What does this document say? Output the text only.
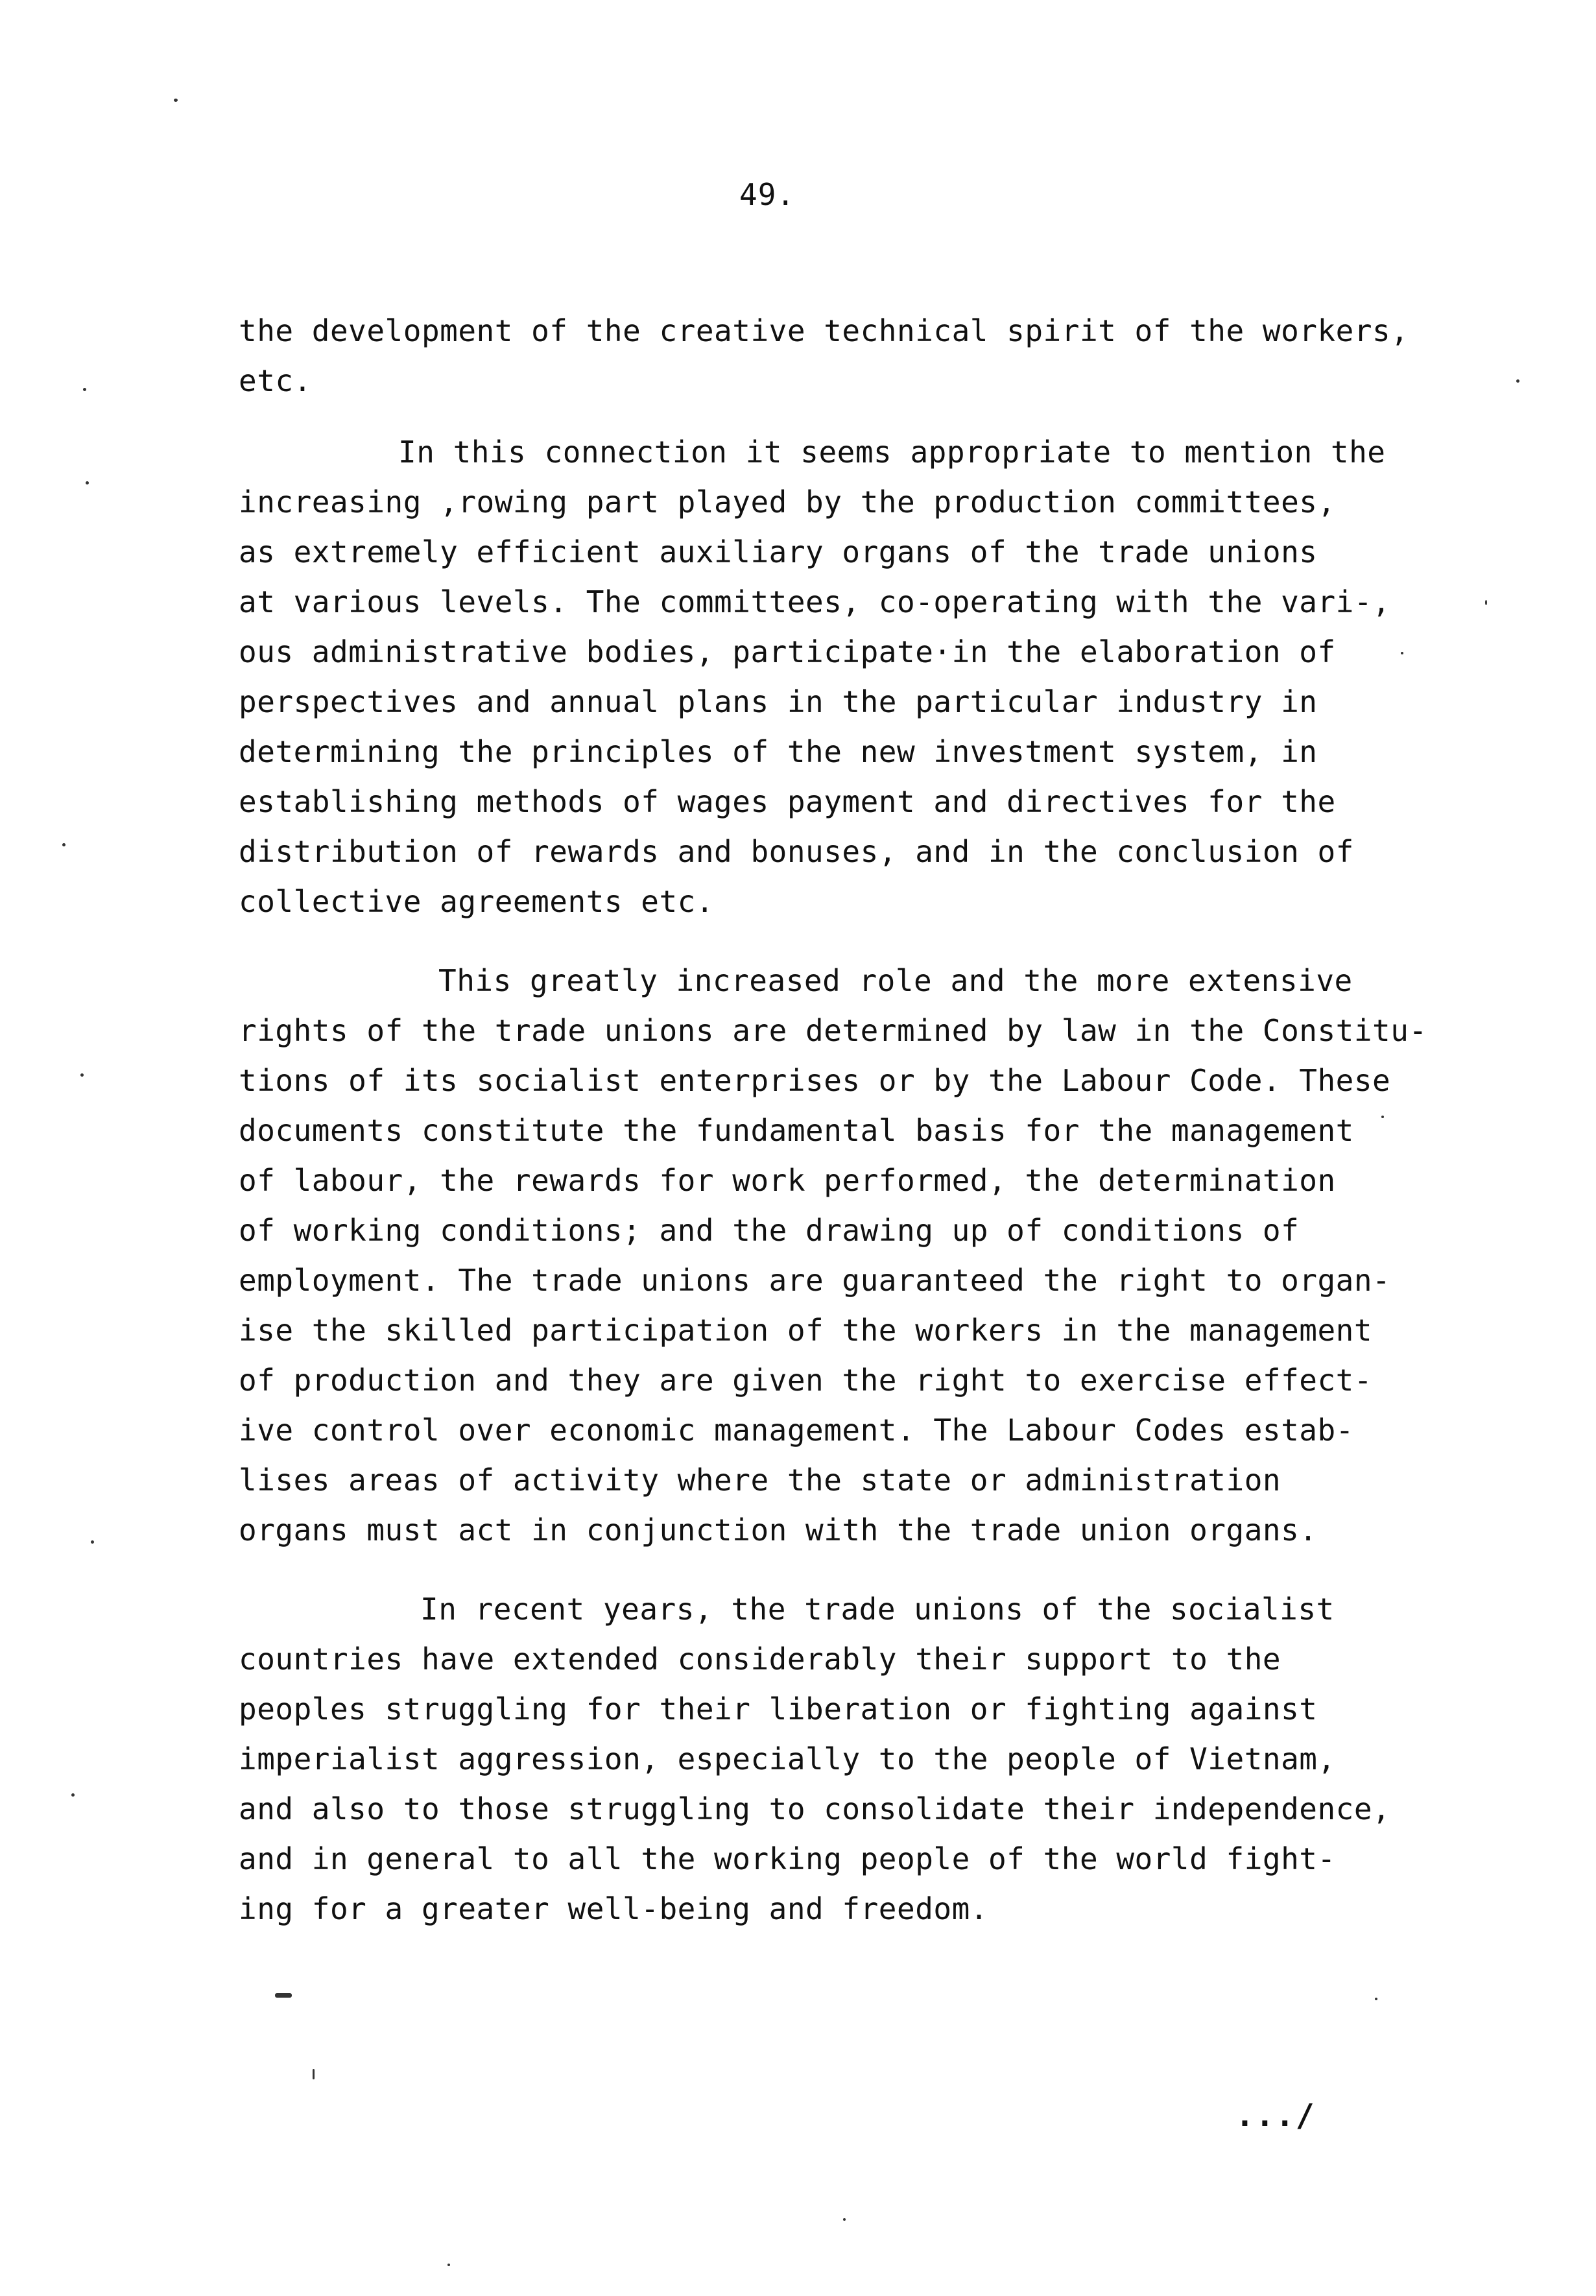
49.
the development of the creative technical spirit of the workers,
etc.
In this connection it seems appropriate to mention the
increasing ,rowing part played by the production committees,
as extremely efficient auxiliary organs of the trade unions
at various levels. The committees, co-operating with the vari-,
ous administrative bodies, participate·in the elaboration of
perspectives and annual plans in the particular industry in
determining the principles of the new investment system, in
establishing methods of wages payment and directives for the
distribution of rewards and bonuses, and in the conclusion of
collective agreements etc.
This greatly increased role and the more extensive
rights of the trade unions are determined by law in the Constitu-
tions of its socialist enterprises or by the Labour Code. These
documents constitute the fundamental basis for the management
of labour, the rewards for work performed, the determination
of working conditions; and the drawing up of conditions of
employment. The trade unions are guaranteed the right to organ-
ise the skilled participation of the workers in the management
of production and they are given the right to exercise effect-
ive control over economic management. The Labour Codes estab-
lises areas of activity where the state or administration
organs must act in conjunction with the trade union organs.
In recent years, the trade unions of the socialist
countries have extended considerably their support to the
peoples struggling for their liberation or fighting against
imperialist aggression, especially to the people of Vietnam,
and also to those struggling to consolidate their independence,
and in general to all the working people of the world fight-
ing for a greater well-being and freedom.
.../
